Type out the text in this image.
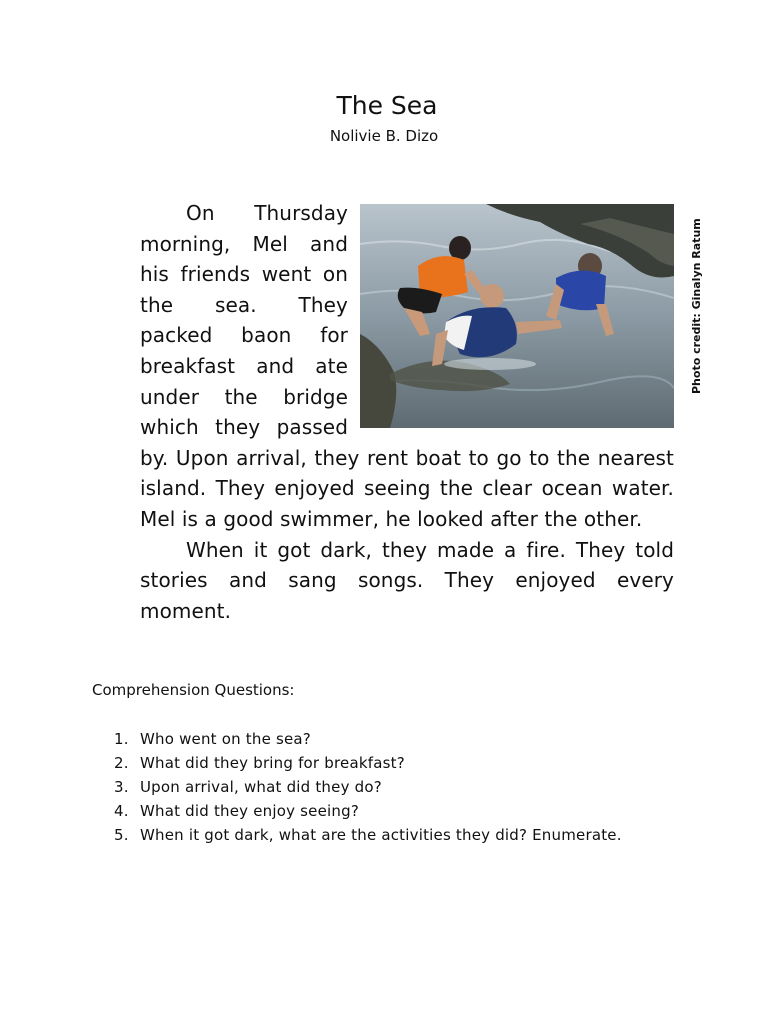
The Sea
Nolivie B. Dizo

On Thursday morning, Mel and his friends went on the sea. They packed baon for breakfast and ate under the bridge which they passed by. Upon arrival, they rent boat to go to the nearest island. They enjoyed seeing the clear ocean water. Mel is a good swimmer, he looked after the other.

When it got dark, they made a fire. They told stories and sang songs. They enjoyed every moment.

Photo credit: Ginalyn Ratum
Comprehension Questions:
1. Who went on the sea?
2. What did they bring for breakfast?
3. Upon arrival, what did they do?
4. What did they enjoy seeing?
5. When it got dark, what are the activities they did? Enumerate.
